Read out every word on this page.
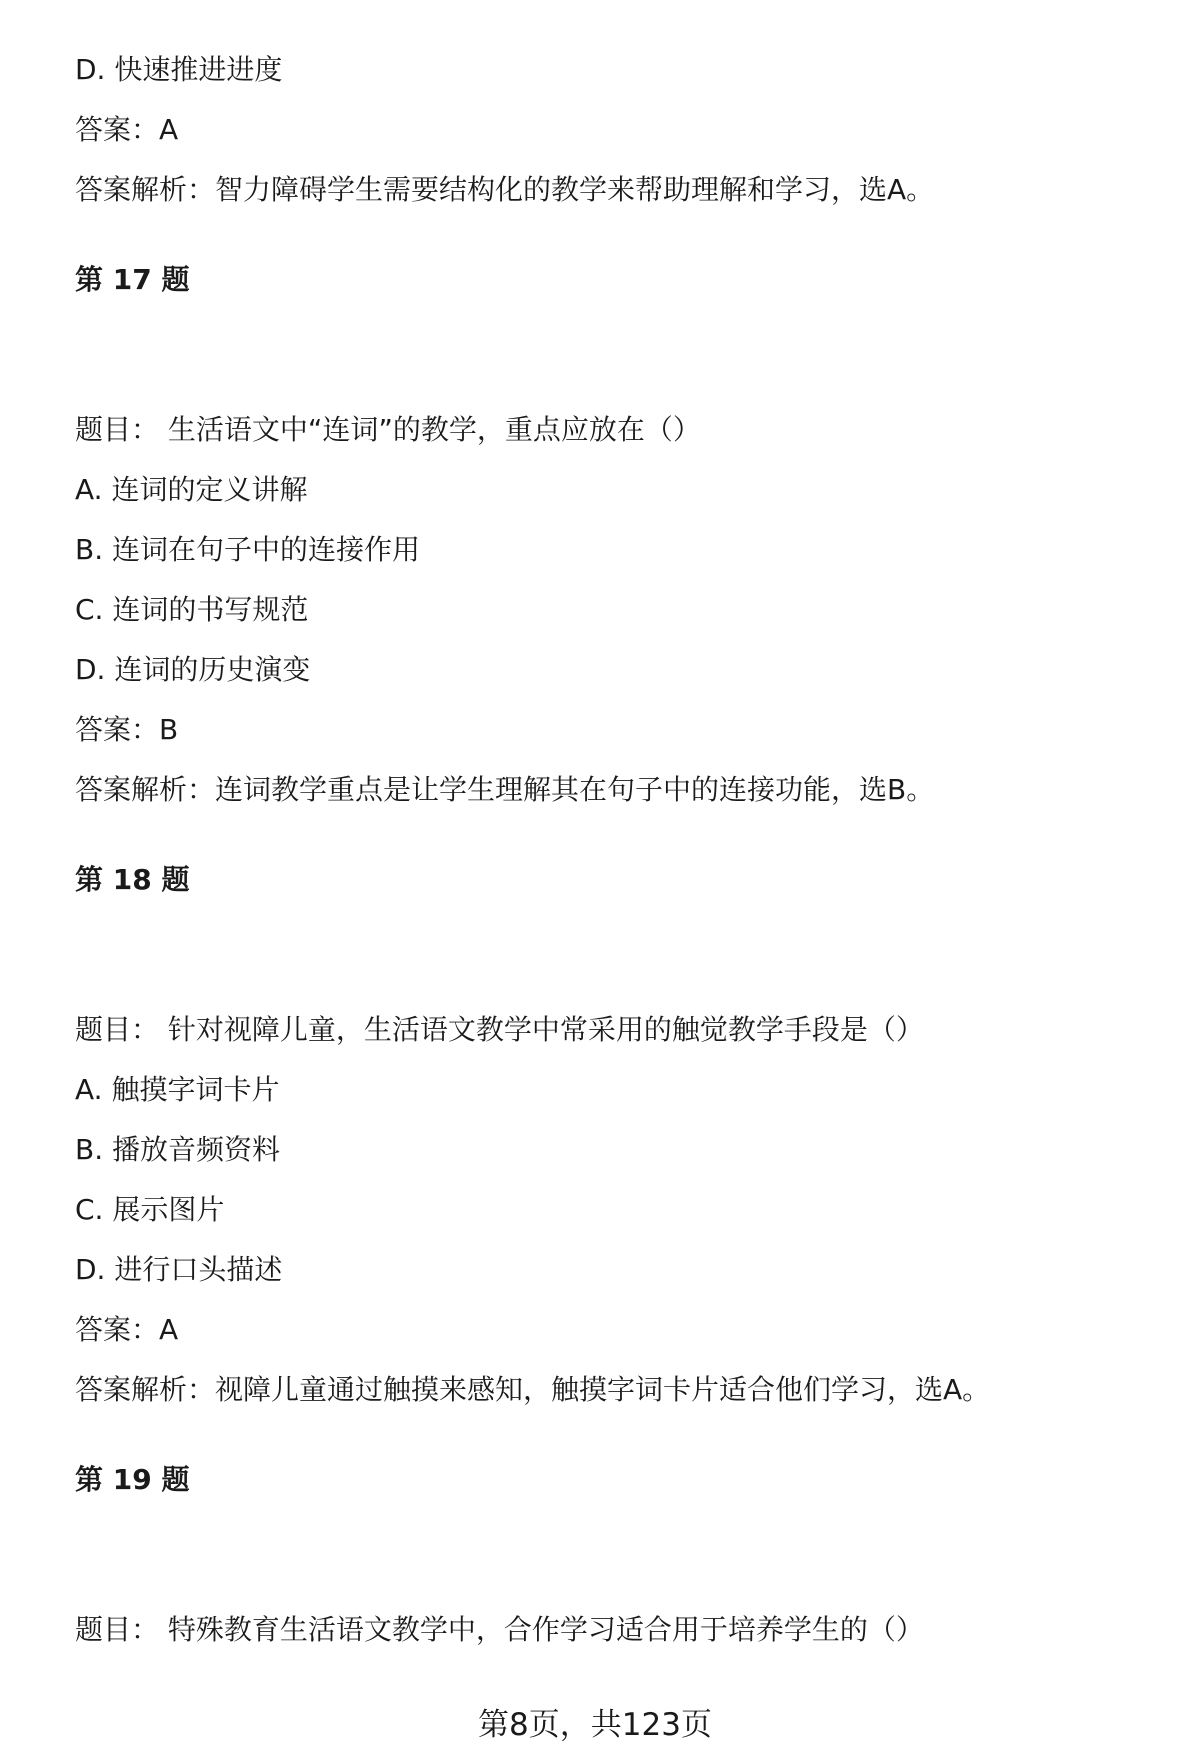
D. 快速推进进度
答案：A
答案解析：智力障碍学生需要结构化的教学来帮助理解和学习，选A。
第 17 题
题目： 生活语文中“连词”的教学，重点应放在（）
A. 连词的定义讲解
B. 连词在句子中的连接作用
C. 连词的书写规范
D. 连词的历史演变
答案：B
答案解析：连词教学重点是让学生理解其在句子中的连接功能，选B。
第 18 题
题目： 针对视障儿童，生活语文教学中常采用的触觉教学手段是（）
A. 触摸字词卡片
B. 播放音频资料
C. 展示图片
D. 进行口头描述
答案：A
答案解析：视障儿童通过触摸来感知，触摸字词卡片适合他们学习，选A。
第 19 题
题目： 特殊教育生活语文教学中，合作学习适合用于培养学生的（）
第8页，共123页
